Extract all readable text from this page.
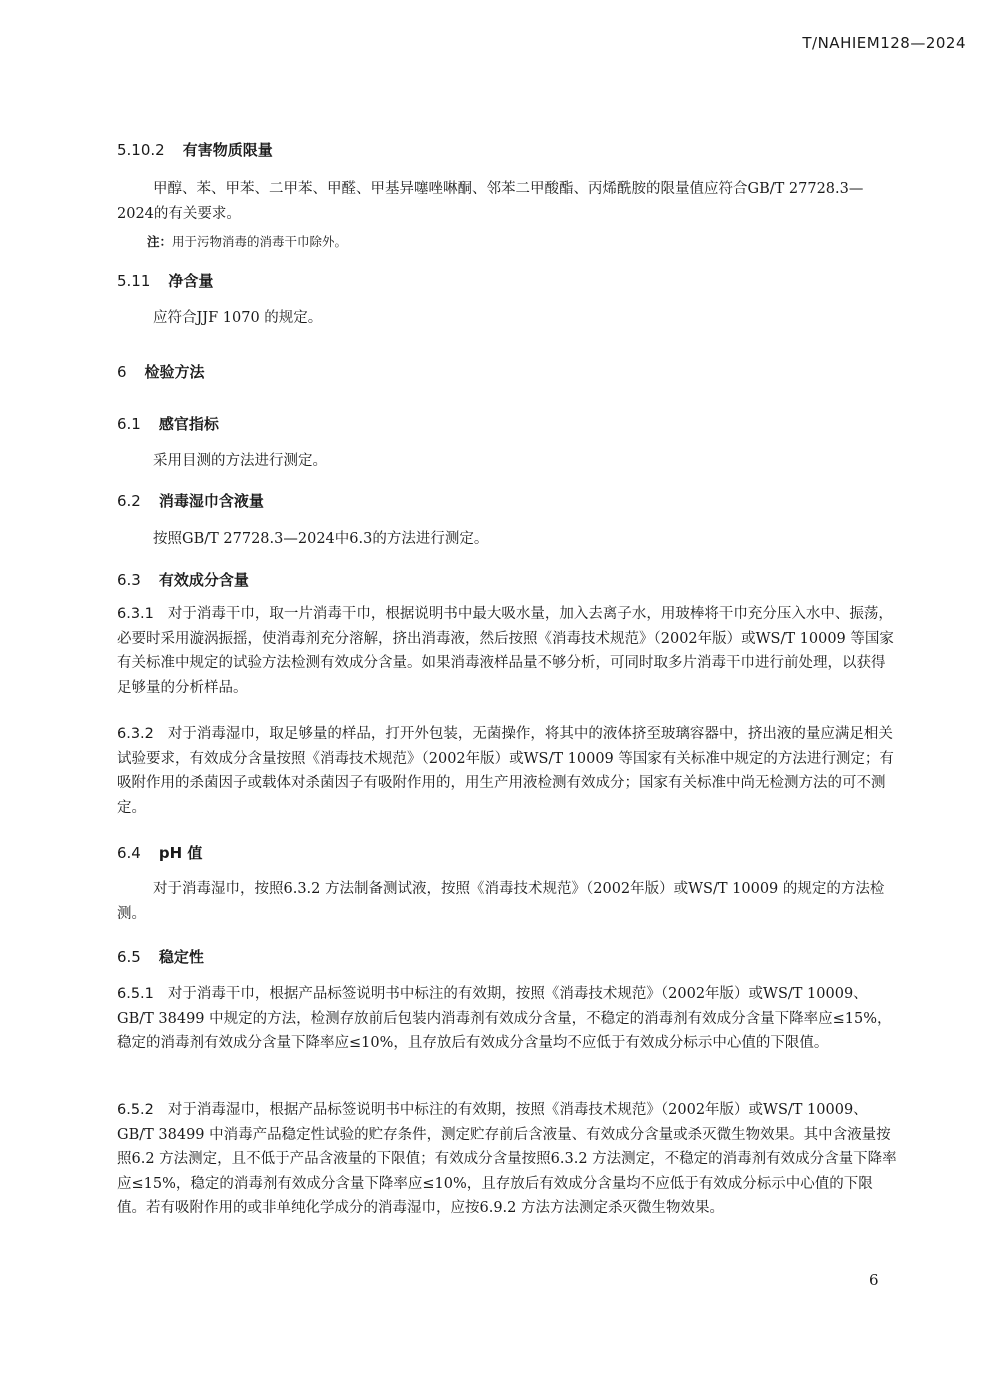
T/NAHIEM128—2024
5.10.2 有害物质限量
甲醇、苯、甲苯、二甲苯、甲醛、甲基异噻唑啉酮、邻苯二甲酸酯、丙烯酰胺的限量值应符合GB/T 27728.3—2024的有关要求。
注：用于污物消毒的消毒干巾除外。
5.11 净含量
应符合JJF 1070 的规定。
6 检验方法
6.1 感官指标
采用目测的方法进行测定。
6.2 消毒湿巾含液量
按照GB/T 27728.3—2024中6.3的方法进行测定。
6.3 有效成分含量
6.3.1 对于消毒干巾，取一片消毒干巾，根据说明书中最大吸水量，加入去离子水，用玻棒将干巾充分压入水中、振荡，必要时采用漩涡振摇，使消毒剂充分溶解，挤出消毒液，然后按照《消毒技术规范》（2002年版）或WS/T 10009 等国家有关标准中规定的试验方法检测有效成分含量。如果消毒液样品量不够分析，可同时取多片消毒干巾进行前处理，以获得足够量的分析样品。
6.3.2 对于消毒湿巾，取足够量的样品，打开外包装，无菌操作，将其中的液体挤至玻璃容器中，挤出液的量应满足相关试验要求，有效成分含量按照《消毒技术规范》（2002年版）或WS/T 10009 等国家有关标准中规定的方法进行测定；有吸附作用的杀菌因子或载体对杀菌因子有吸附作用的，用生产用液检测有效成分；国家有关标准中尚无检测方法的可不测定。
6.4 pH 值
对于消毒湿巾，按照6.3.2 方法制备测试液，按照《消毒技术规范》（2002年版）或WS/T 10009 的规定的方法检测。
6.5 稳定性
6.5.1 对于消毒干巾，根据产品标签说明书中标注的有效期，按照《消毒技术规范》（2002年版）或WS/T 10009、GB/T 38499 中规定的方法，检测存放前后包装内消毒剂有效成分含量，不稳定的消毒剂有效成分含量下降率应≤15%，稳定的消毒剂有效成分含量下降率应≤10%，且存放后有效成分含量均不应低于有效成分标示中心值的下限值。
6.5.2 对于消毒湿巾，根据产品标签说明书中标注的有效期，按照《消毒技术规范》（2002年版）或WS/T 10009、GB/T 38499 中消毒产品稳定性试验的贮存条件，测定贮存前后含液量、有效成分含量或杀灭微生物效果。其中含液量按照6.2 方法测定，且不低于产品含液量的下限值；有效成分含量按照6.3.2 方法测定，不稳定的消毒剂有效成分含量下降率应≤15%，稳定的消毒剂有效成分含量下降率应≤10%，且存放后有效成分含量均不应低于有效成分标示中心值的下限值。若有吸附作用的或非单纯化学成分的消毒湿巾，应按6.9.2 方法方法测定杀灭微生物效果。
6
